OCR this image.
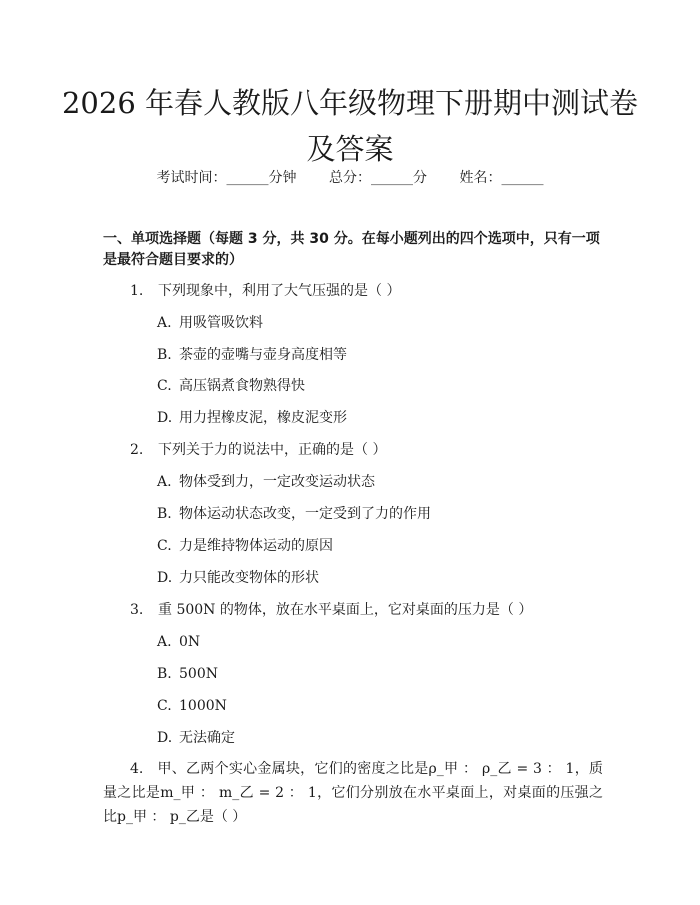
2026 年春人教版八年级物理下册期中测试卷及答案
考试时间：______分钟 总分：______分 姓名：______
一、单项选择题（每题 3 分，共 30 分。在每小题列出的四个选项中，只有一项是最符合题目要求的）
1. 下列现象中，利用了大气压强的是（ ）
A. 用吸管吸饮料
B. 茶壶的壶嘴与壶身高度相等
C. 高压锅煮食物熟得快
D. 用力捏橡皮泥，橡皮泥变形
2. 下列关于力的说法中，正确的是（ ）
A. 物体受到力，一定改变运动状态
B. 物体运动状态改变，一定受到了力的作用
C. 力是维持物体运动的原因
D. 力只能改变物体的形状
3. 重 500N 的物体，放在水平桌面上，它对桌面的压力是（ ）
A. 0N
B. 500N
C. 1000N
D. 无法确定
4. 甲、乙两个实心金属块，它们的密度之比是ρ_甲 ： ρ_乙 = 3 ： 1，质量之比是m_甲 ： m_乙 = 2 ： 1，它们分别放在水平桌面上，对桌面的压强之比p_甲 ： p_乙是（ ）
